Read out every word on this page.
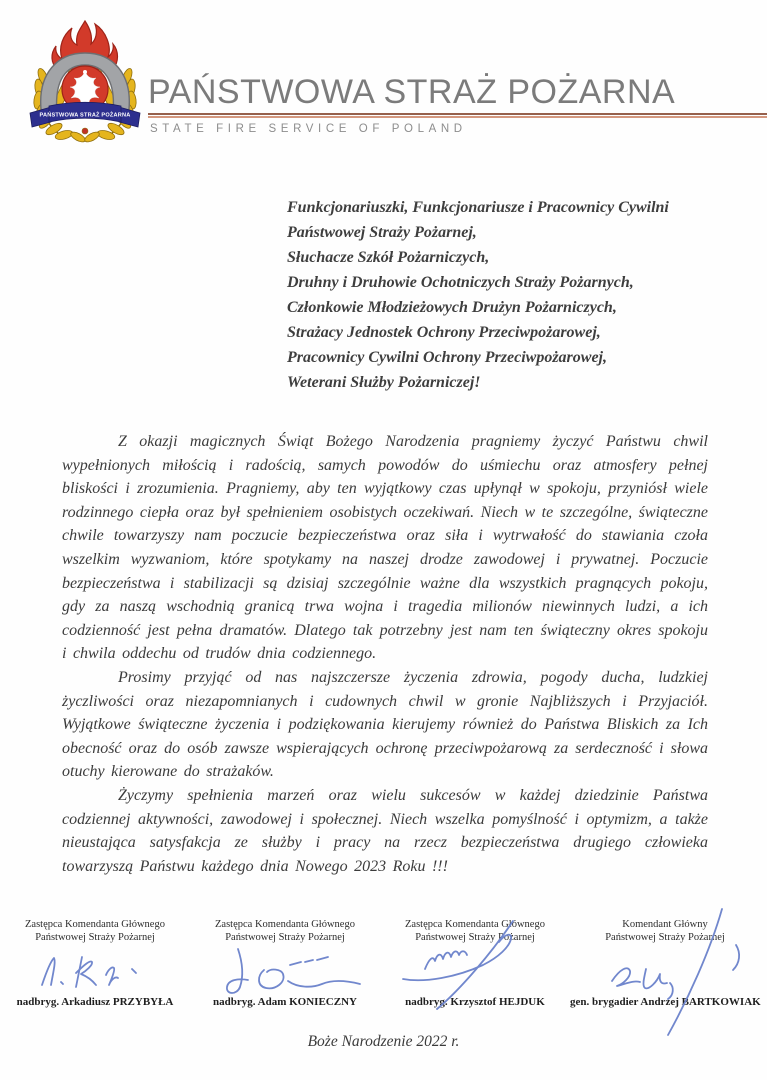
PAŃSTWOWA STRAŻ POŻARNA
PAŃSTWOWA STRAŻ POŻARNA
STATE FIRE SERVICE OF POLAND
Funkcjonariuszki, Funkcjonariusze i Pracownicy Cywilni
Państwowej Straży Pożarnej,
Słuchacze Szkół Pożarniczych,
Druhny i Druhowie Ochotniczych Straży Pożarnych,
Członkowie Młodzieżowych Drużyn Pożarniczych,
Strażacy Jednostek Ochrony Przeciwpożarowej,
Pracownicy Cywilni Ochrony Przeciwpożarowej,
Weterani Służby Pożarniczej!

Z okazji magicznych Świąt Bożego Narodzenia pragniemy życzyć Państwu chwil wypełnionych miłością i radością, samych powodów do uśmiechu oraz atmosfery pełnej bliskości i zrozumienia. Pragniemy, aby ten wyjątkowy czas upłynął w spokoju, przyniósł wiele rodzinnego ciepła oraz był spełnieniem osobistych oczekiwań. Niech w te szczególne, świąteczne chwile towarzyszy nam poczucie bezpieczeństwa oraz siła i wytrwałość do stawiania czoła wszelkim wyzwaniom, które spotykamy na naszej drodze zawodowej i prywatnej. Poczucie bezpieczeństwa i stabilizacji są dzisiaj szczególnie ważne dla wszystkich pragnących pokoju, gdy za naszą wschodnią granicą trwa wojna i tragedia milionów niewinnych ludzi, a ich codzienność jest pełna dramatów. Dlatego tak potrzebny jest nam ten świąteczny okres spokoju i chwila oddechu od trudów dnia codziennego.

Prosimy przyjąć od nas najszczersze życzenia zdrowia, pogody ducha, ludzkiej życzliwości oraz niezapomnianych i cudownych chwil w gronie Najbliższych i Przyjaciół. Wyjątkowe świąteczne życzenia i podziękowania kierujemy również do Państwa Bliskich za Ich obecność oraz do osób zawsze wspierających ochronę przeciwpożarową za serdeczność i słowa otuchy kierowane do strażaków.

Życzymy spełnienia marzeń oraz wielu sukcesów w każdej dziedzinie Państwa codziennej aktywności, zawodowej i społecznej. Niech wszelka pomyślność i optymizm, a także nieustająca satysfakcja ze służby i pracy na rzecz bezpieczeństwa drugiego człowieka towarzyszą Państwu każdego dnia Nowego 2023 Roku !!!

Zastępca Komendanta Głównego
Państwowej Straży Pożarnej
nadbryg. Arkadiusz PRZYBYŁA
Zastępca Komendanta Głównego
Państwowej Straży Pożarnej
nadbryg. Adam KONIECZNY
Zastępca Komendanta Głównego
Państwowej Straży Pożarnej
nadbryg. Krzysztof HEJDUK
Komendant Główny
Państwowej Straży Pożarnej
gen. brygadier Andrzej BARTKOWIAK
Boże Narodzenie 2022 r.
